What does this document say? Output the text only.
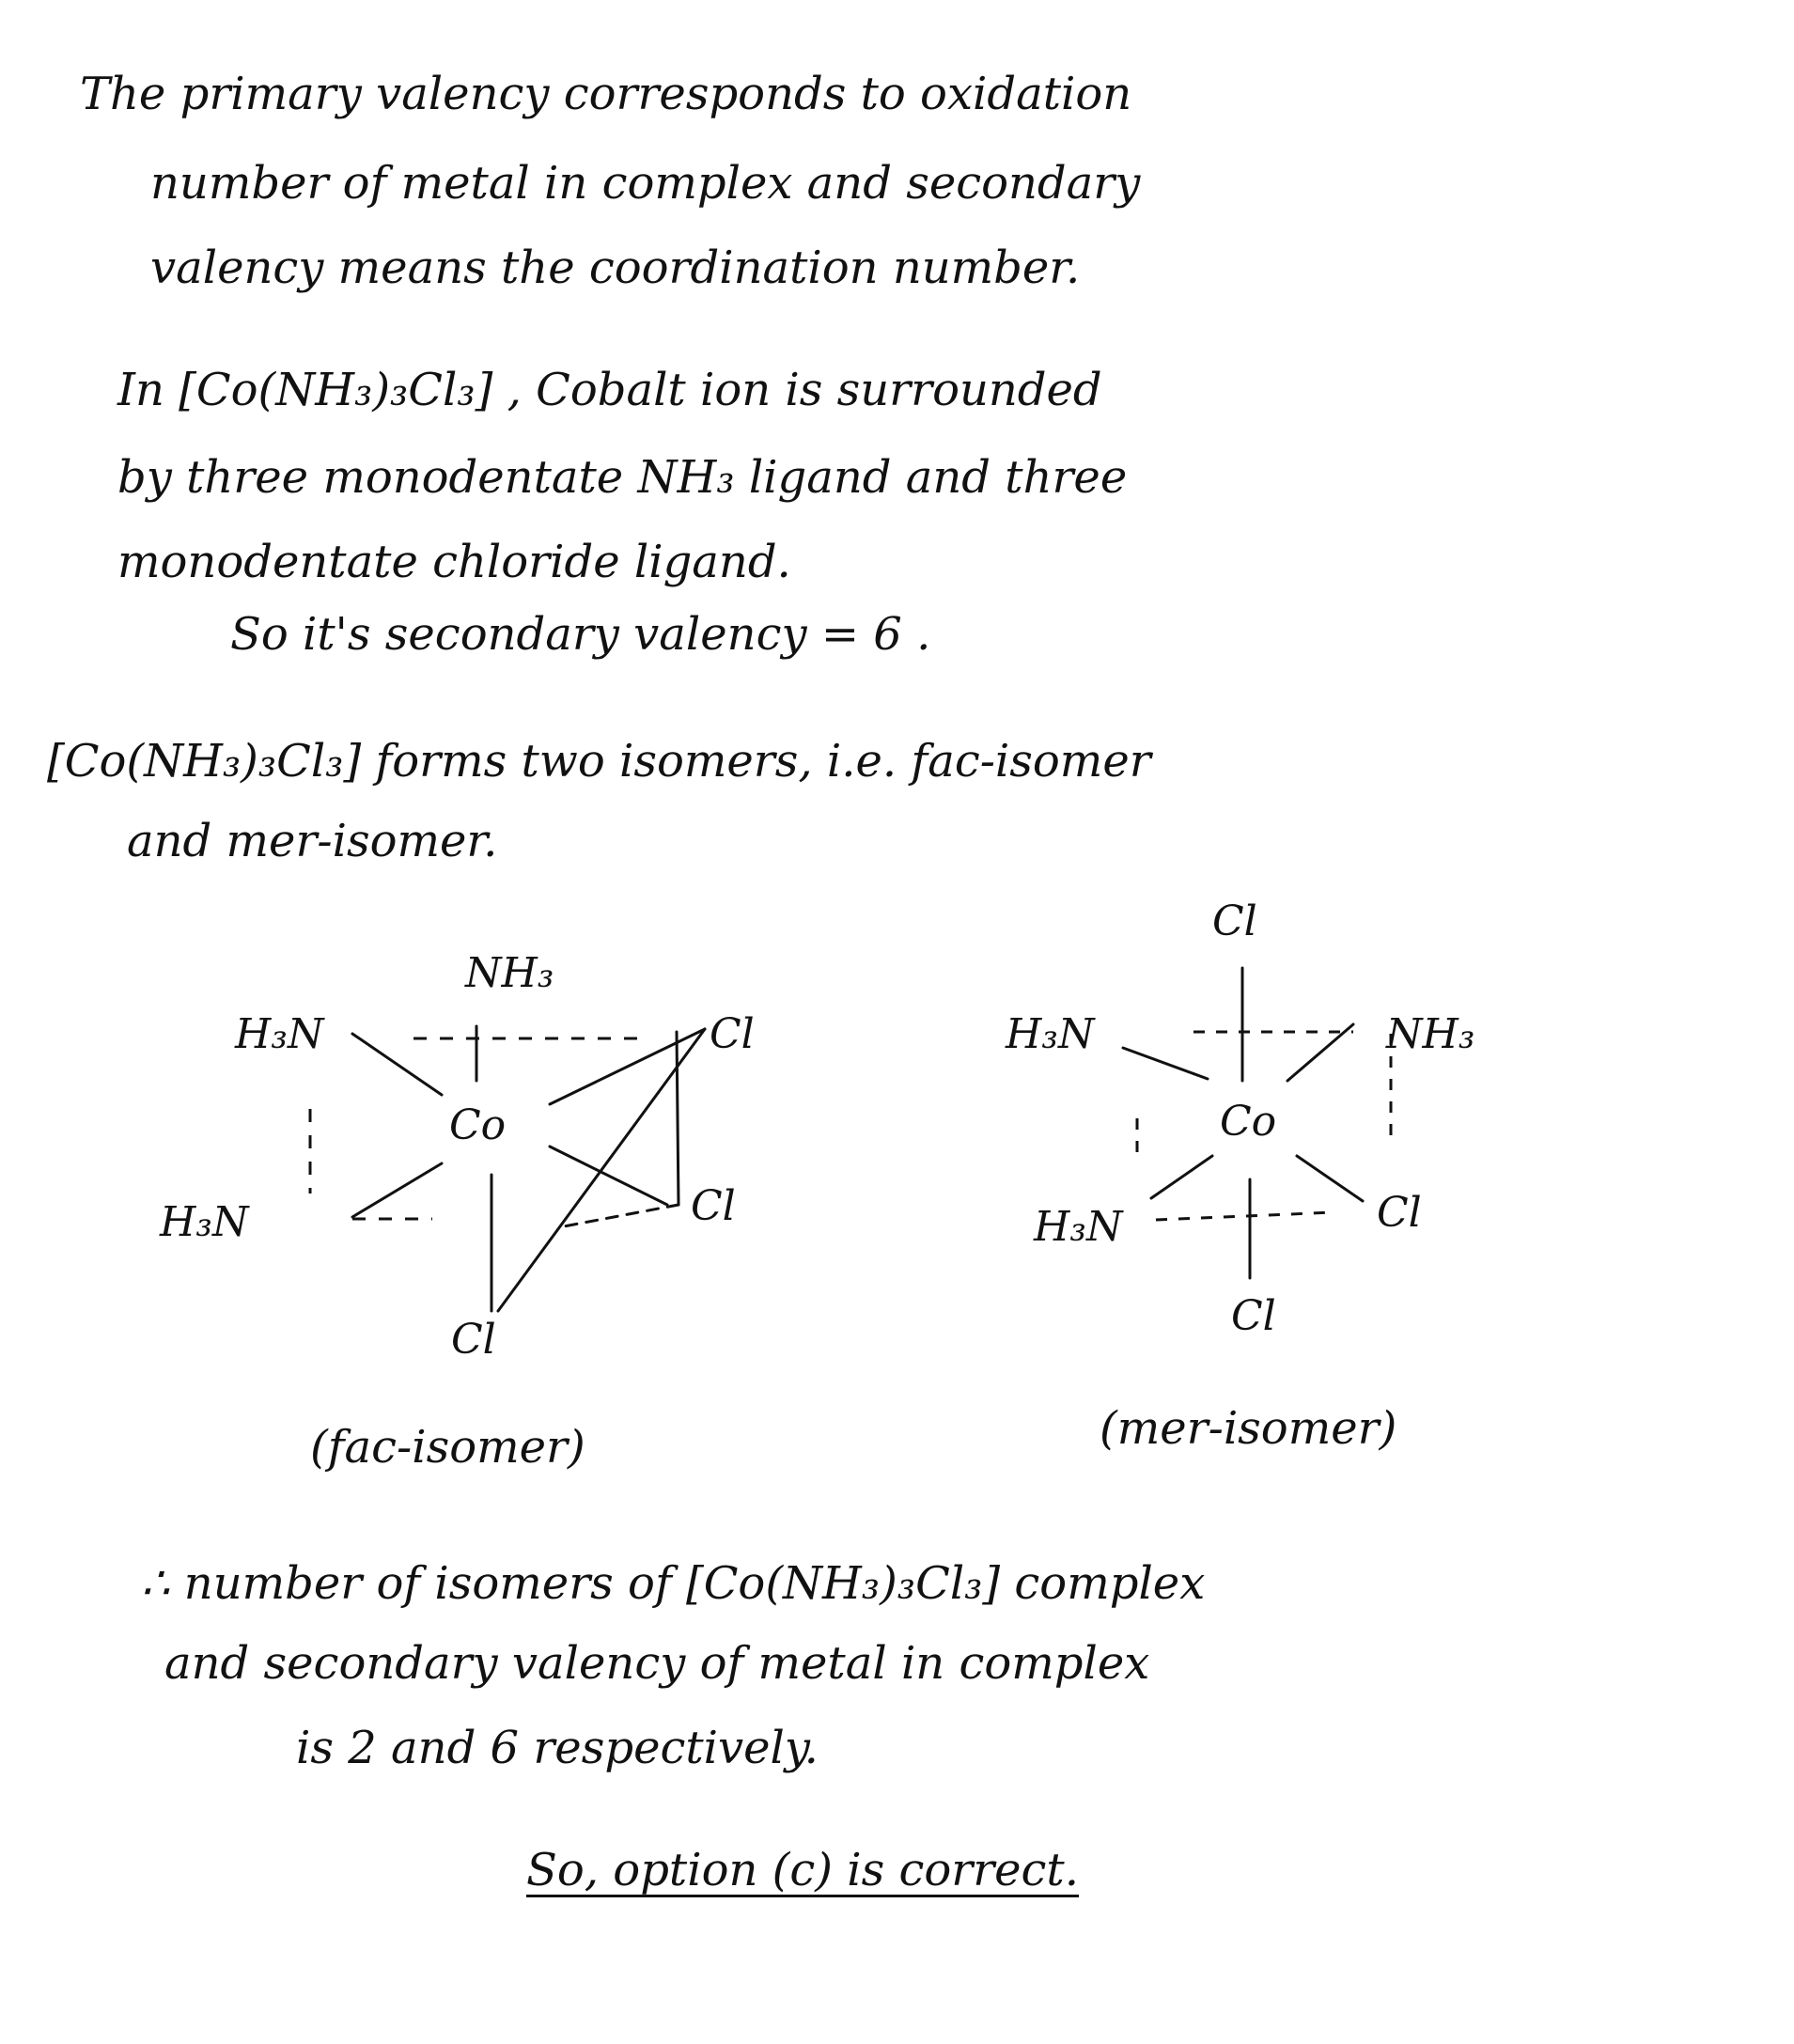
The primary valency corresponds to oxidation
number of metal in complex and secondary
valency means the coordination number.
In [Co(NH₃)₃Cl₃] , Cobalt ion is surrounded
by three monodentate NH₃ ligand and three
monodentate chloride ligand.
So it's secondary valency = 6 .
[Co(NH₃)₃Cl₃] forms two isomers, i.e. fac-isomer
and mer-isomer.
NH₃
H₃N	Cl
Co
H₃N	Cl
Cl
Cl
H₃N	NH₃
Co
H₃N	Cl
Cl
(fac-isomer)	(mer-isomer)
∴ number of isomers of [Co(NH₃)₃Cl₃] complex
and secondary valency of metal in complex
is 2 and 6 respectively.
So, option (c) is correct.
